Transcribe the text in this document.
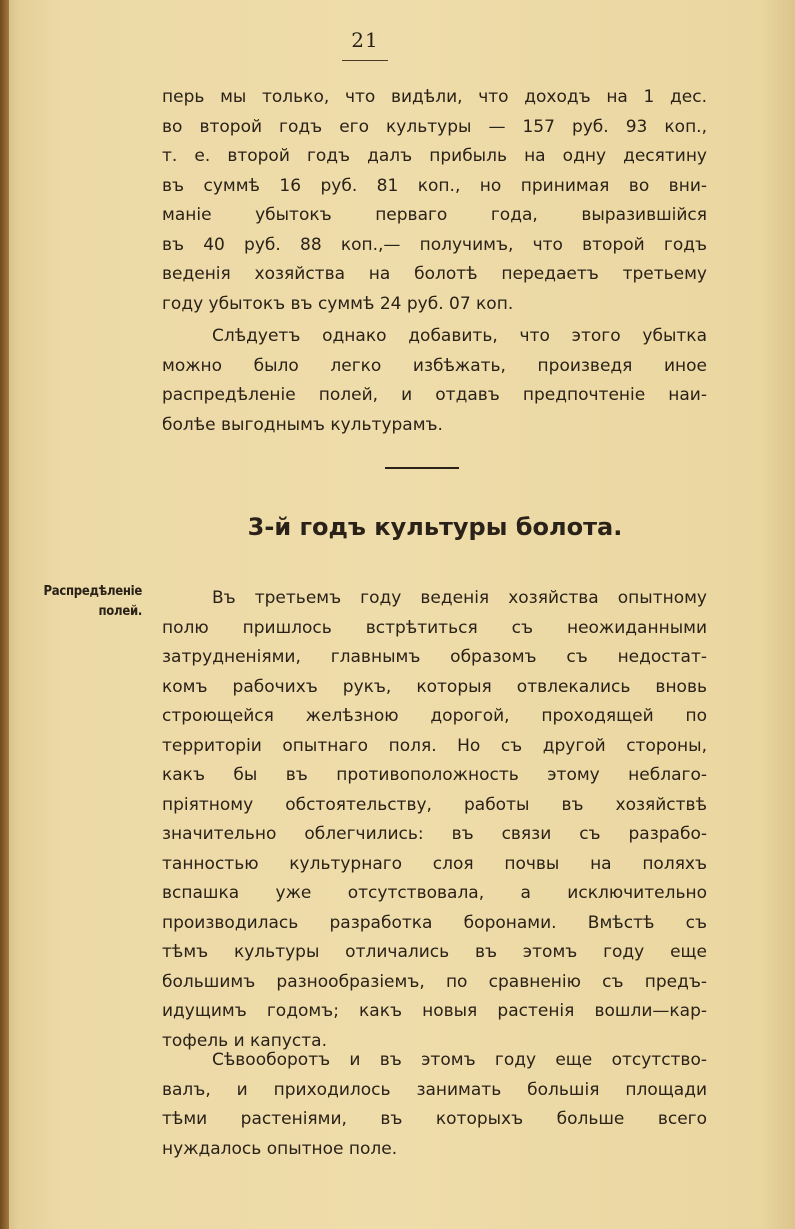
21
перь мы только, что видѣли, что доходъ на 1 дес.
во второй годъ его культуры — 157 руб. 93 коп.,
т. е. второй годъ далъ прибыль на одну десятину
въ суммѣ 16 руб. 81 коп., но принимая во вни-
маніе убытокъ перваго года, выразившійся
въ 40 руб. 88 коп.,— получимъ, что второй годъ
веденія хозяйства на болотѣ передаетъ третьему
году убытокъ въ суммѣ 24 руб. 07 коп.
Слѣдуетъ однако добавить, что этого убытка
можно было легко избѣжать, произведя иное
распредѣленіе полей, и отдавъ предпочтеніе наи-
болѣе выгоднымъ культурамъ.
3-й годъ культуры болота.
Распредѣленіе
полей.
Въ третьемъ году веденія хозяйства опытному
полю пришлось встрѣтиться съ неожиданными
затрудненіями, главнымъ образомъ съ недостат-
комъ рабочихъ рукъ, которыя отвлекались вновь
строющейся желѣзною дорогой, проходящей по
территоріи опытнаго поля. Но съ другой стороны,
какъ бы въ противоположность этому неблаго-
пріятному обстоятельству, работы въ хозяйствѣ
значительно облегчились: въ связи съ разрабо-
танностью культурнаго слоя почвы на поляхъ
вспашка уже отсутствовала, а исключительно
производилась разработка боронами. Вмѣстѣ съ
тѣмъ культуры отличались въ этомъ году еще
большимъ разнообразіемъ, по сравненію съ предъ-
идущимъ годомъ; какъ новыя растенія вошли—кар-
тофель и капуста.
Сѣвооборотъ и въ этомъ году еще отсутство-
валъ, и приходилось занимать большія площади
тѣми растеніями, въ которыхъ больше всего
нуждалось опытное поле.
